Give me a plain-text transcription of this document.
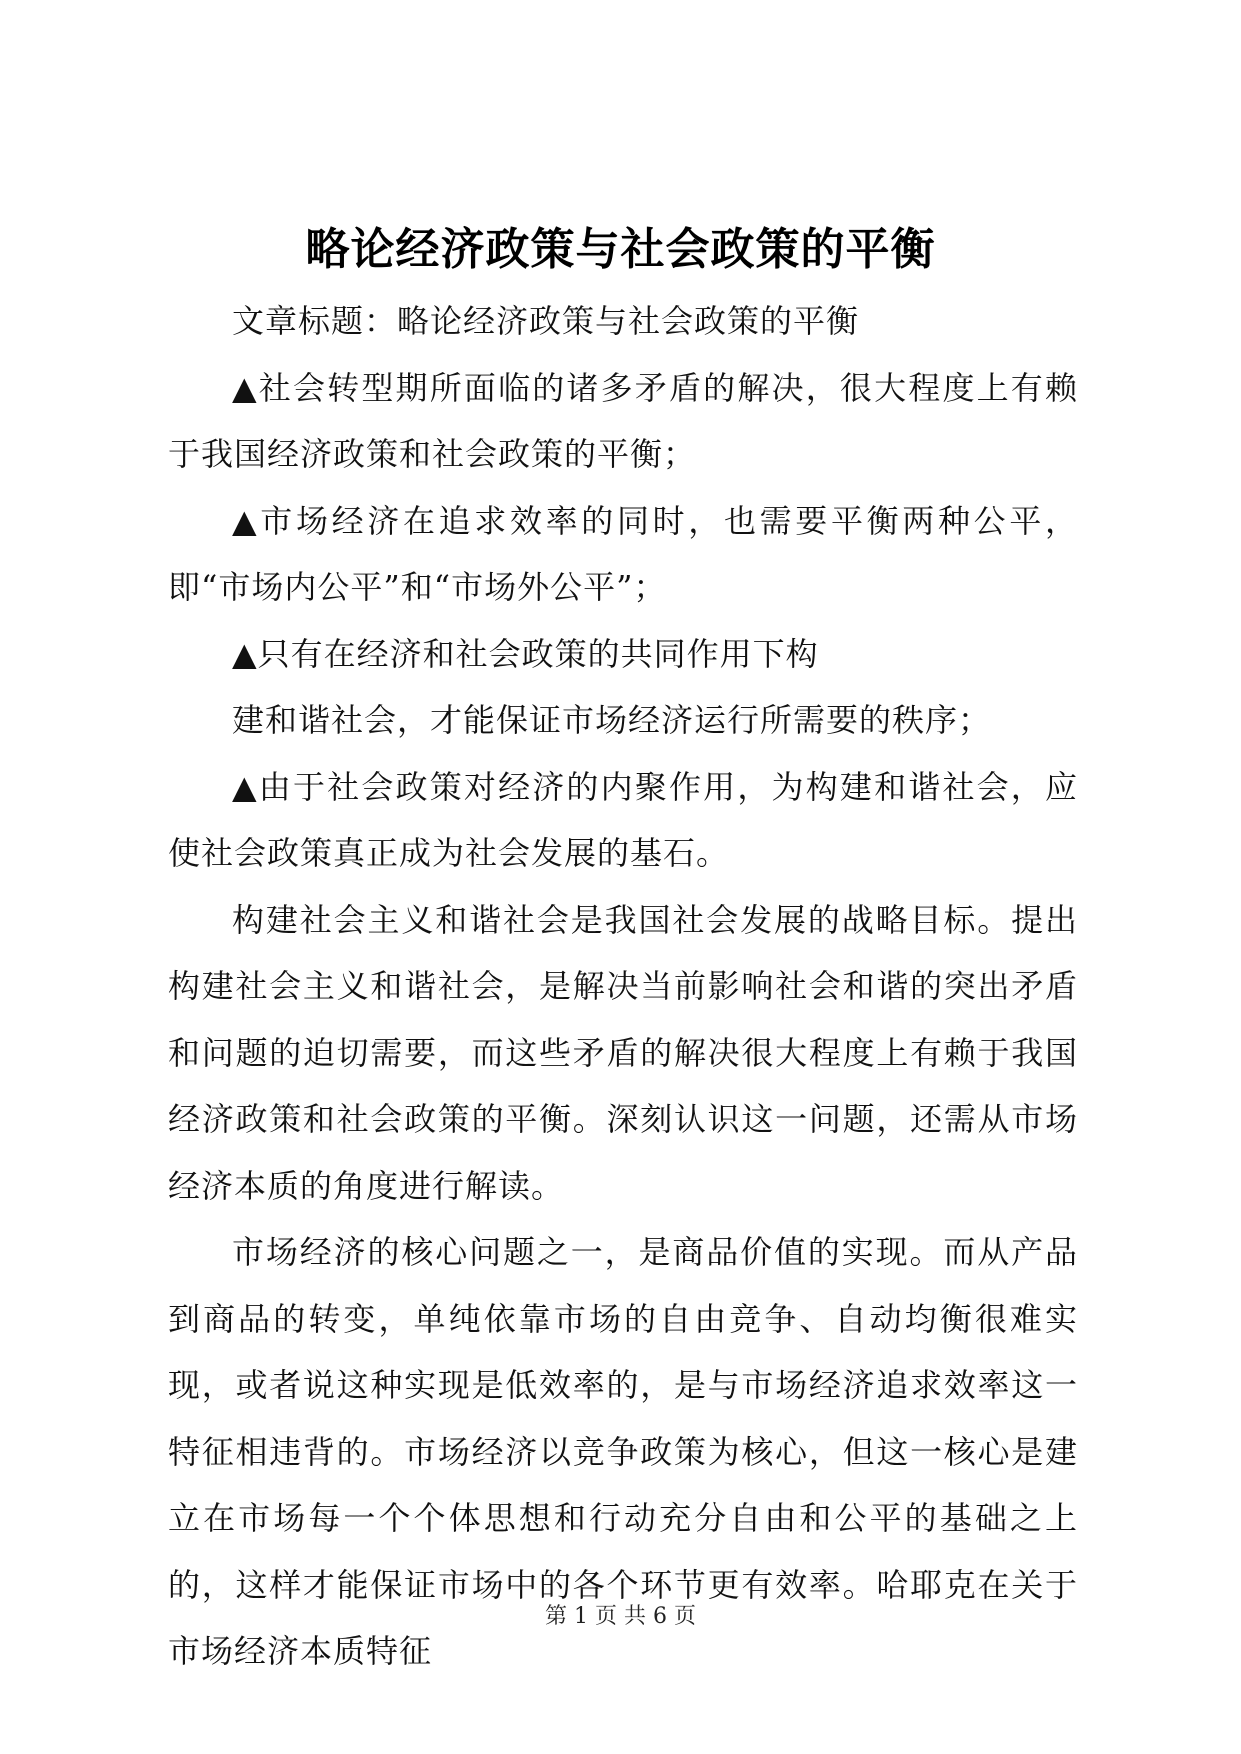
略论经济政策与社会政策的平衡

文章标题：略论经济政策与社会政策的平衡

▲社会转型期所面临的诸多矛盾的解决，很大程度上有赖于我国经济政策和社会政策的平衡；

▲市场经济在追求效率的同时，也需要平衡两种公平，即“市场内公平”和“市场外公平”；

▲只有在经济和社会政策的共同作用下构

建和谐社会，才能保证市场经济运行所需要的秩序；

▲由于社会政策对经济的内聚作用，为构建和谐社会，应使社会政策真正成为社会发展的基石。

构建社会主义和谐社会是我国社会发展的战略目标。提出构建社会主义和谐社会，是解决当前影响社会和谐的突出矛盾和问题的迫切需要，而这些矛盾的解决很大程度上有赖于我国经济政策和社会政策的平衡。深刻认识这一问题，还需从市场经济本质的角度进行解读。

市场经济的核心问题之一，是商品价值的实现。而从产品到商品的转变，单纯依靠市场的自由竞争、自动均衡很难实现，或者说这种实现是低效率的，是与市场经济追求效率这一特征相违背的。市场经济以竞争政策为核心，但这一核心是建立在市场每一个个体思想和行动充分自由和公平的基础之上的，这样才能保证市场中的各个环节更有效率。哈耶克在关于市场经济本质特征

第 1 页 共 6 页
